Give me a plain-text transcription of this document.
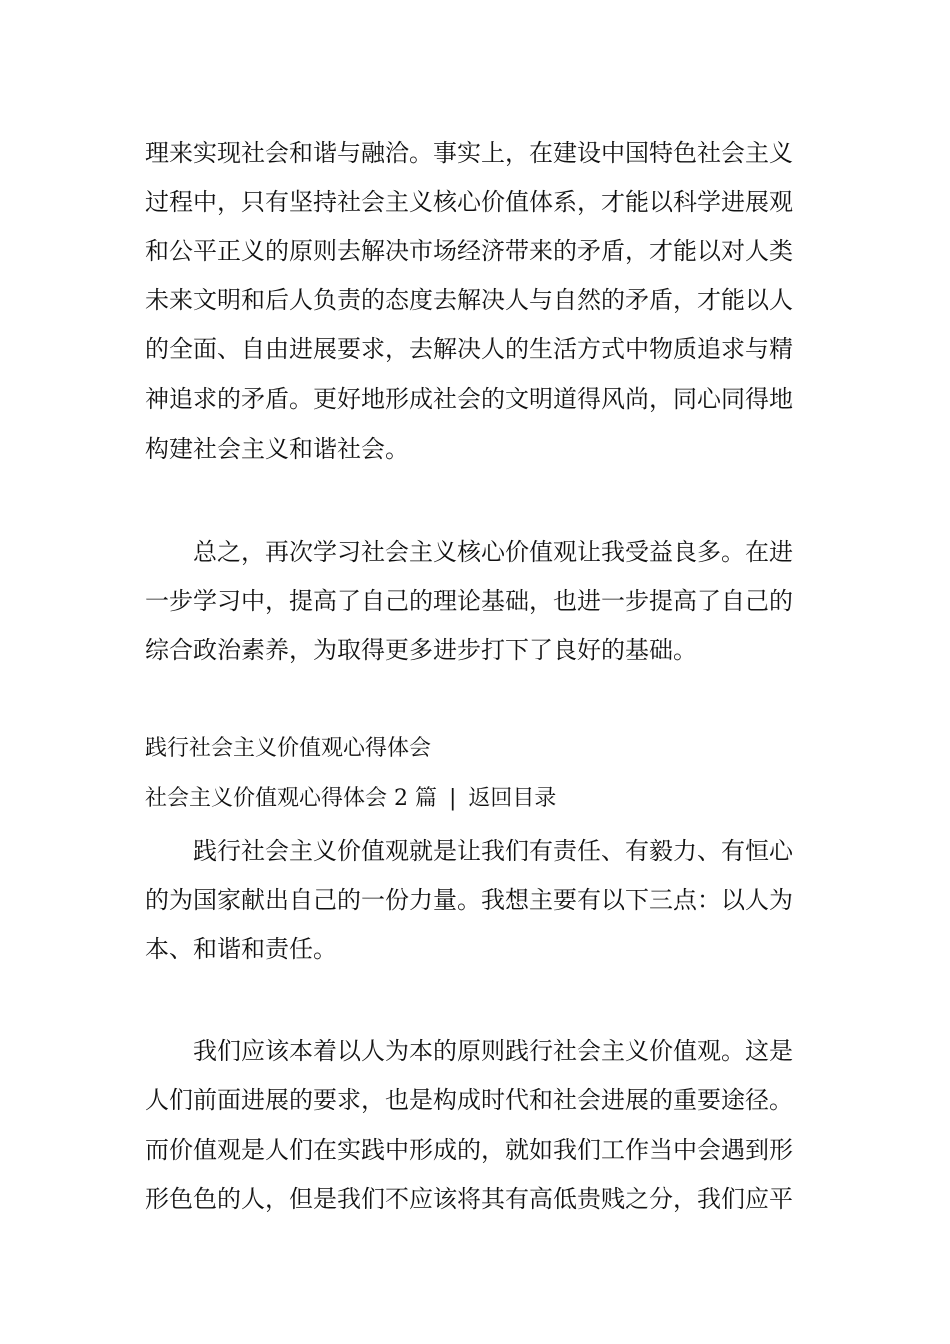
理来实现社会和谐与融洽。事实上，在建设中国特色社会主义
过程中，只有坚持社会主义核心价值体系，才能以科学进展观
和公平正义的原则去解决市场经济带来的矛盾，才能以对人类
未来文明和后人负责的态度去解决人与自然的矛盾，才能以人
的全面、自由进展要求，去解决人的生活方式中物质追求与精
神追求的矛盾。更好地形成社会的文明道得风尚，同心同得地
构建社会主义和谐社会。
总之，再次学习社会主义核心价值观让我受益良多。在进
一步学习中，提高了自己的理论基础，也进一步提高了自己的
综合政治素养，为取得更多进步打下了良好的基础。
践行社会主义价值观心得体会
社会主义价值观心得体会 2 篇 | 返回目录
践行社会主义价值观就是让我们有责任、有毅力、有恒心
的为国家献出自己的一份力量。我想主要有以下三点：以人为
本、和谐和责任。
我们应该本着以人为本的原则践行社会主义价值观。这是
人们前面进展的要求，也是构成时代和社会进展的重要途径。
而价值观是人们在实践中形成的，就如我们工作当中会遇到形
形色色的人，但是我们不应该将其有高低贵贱之分，我们应平
